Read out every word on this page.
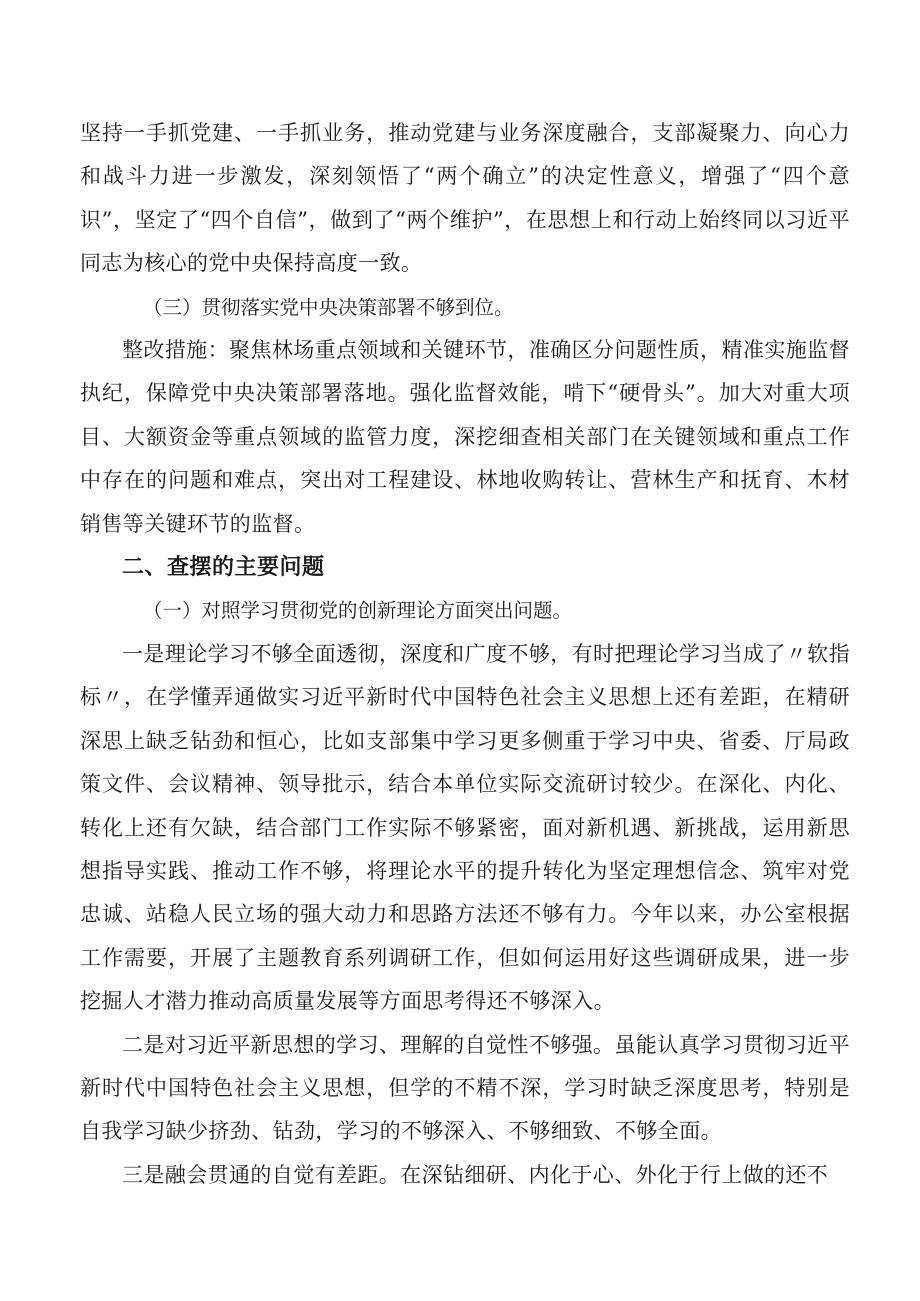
坚持一手抓党建、一手抓业务，推动党建与业务深度融合，支部凝聚力、向心力和战斗力进一步激发，深刻领悟了“两个确立”的决定性意义，增强了“四个意识”，坚定了“四个自信”，做到了“两个维护”，在思想上和行动上始终同以习近平同志为核心的党中央保持高度一致。

（三）贯彻落实党中央决策部署不够到位。

整改措施：聚焦林场重点领域和关键环节，准确区分问题性质，精准实施监督执纪，保障党中央决策部署落地。强化监督效能，啃下“硬骨头”。加大对重大项目、大额资金等重点领域的监管力度，深挖细查相关部门在关键领域和重点工作中存在的问题和难点，突出对工程建设、林地收购转让、营林生产和抚育、木材销售等关键环节的监督。

二、查摆的主要问题

（一）对照学习贯彻党的创新理论方面突出问题。

一是理论学习不够全面透彻，深度和广度不够，有时把理论学习当成了〃软指标〃，在学懂弄通做实习近平新时代中国特色社会主义思想上还有差距，在精研深思上缺乏钻劲和恒心，比如支部集中学习更多侧重于学习中央、省委、厅局政策文件、会议精神、领导批示，结合本单位实际交流研讨较少。在深化、内化、转化上还有欠缺，结合部门工作实际不够紧密，面对新机遇、新挑战，运用新思想指导实践、推动工作不够，将理论水平的提升转化为坚定理想信念、筑牢对党忠诚、站稳人民立场的强大动力和思路方法还不够有力。今年以来，办公室根据工作需要，开展了主题教育系列调研工作，但如何运用好这些调研成果，进一步挖掘人才潜力推动高质量发展等方面思考得还不够深入。

二是对习近平新思想的学习、理解的自觉性不够强。虽能认真学习贯彻习近平新时代中国特色社会主义思想，但学的不精不深，学习时缺乏深度思考，特别是自我学习缺少挤劲、钻劲，学习的不够深入、不够细致、不够全面。

三是融会贯通的自觉有差距。在深钻细研、内化于心、外化于行上做的还不
